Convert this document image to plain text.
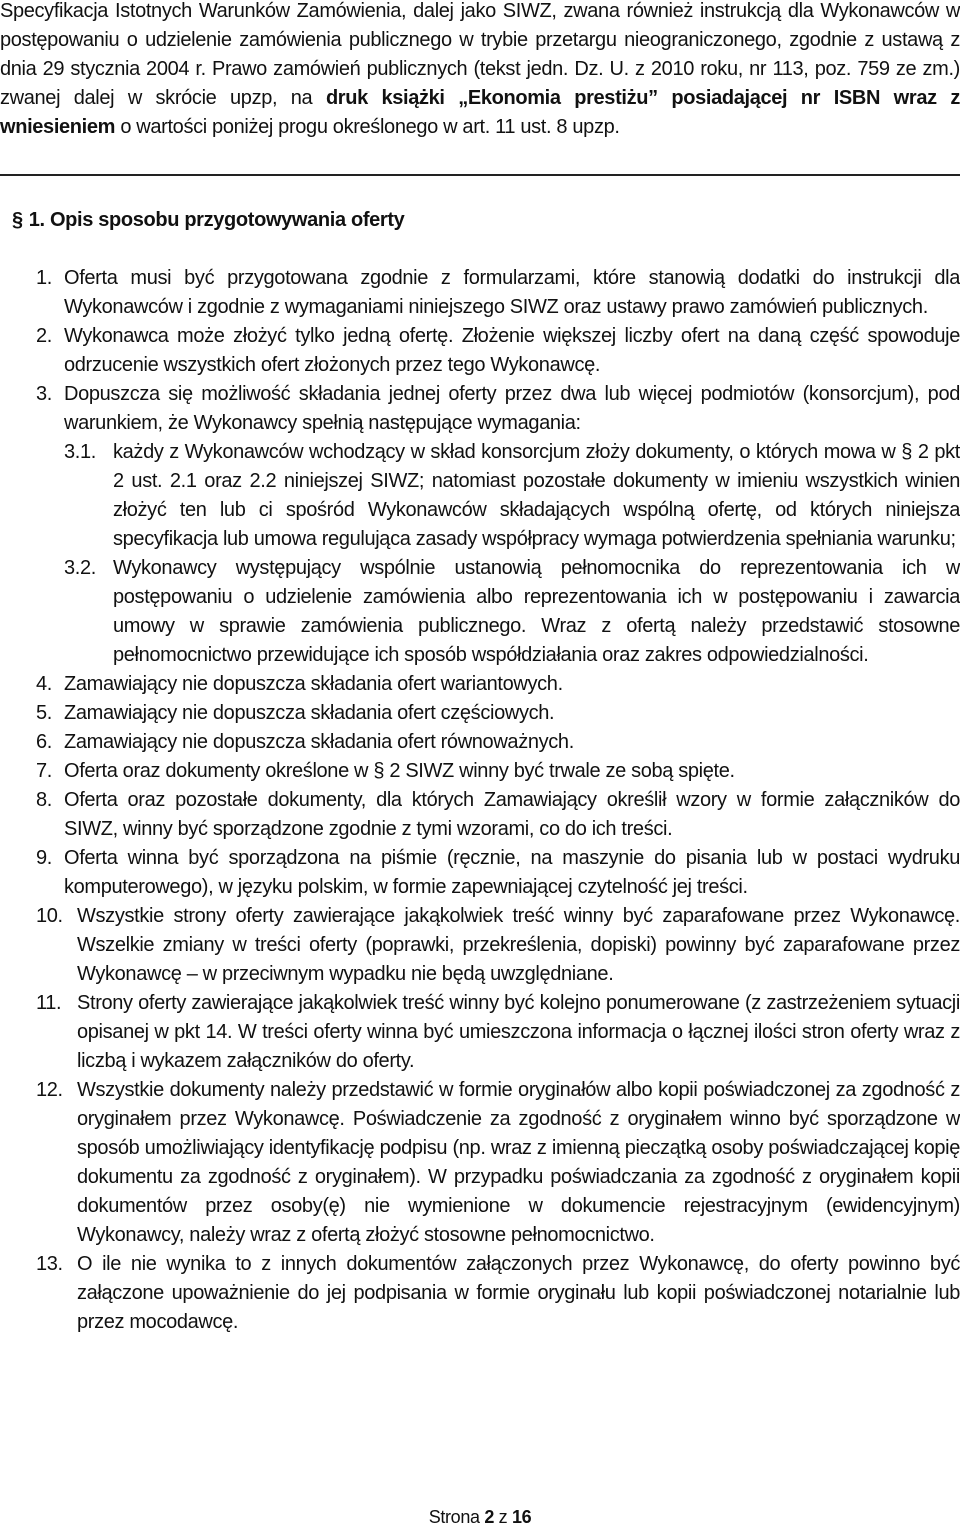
Specyfikacja Istotnych Warunków Zamówienia, dalej jako SIWZ, zwana również instrukcją dla Wykonawców w postępowaniu o udzielenie zamówienia publicznego w trybie przetargu nieograniczonego, zgodnie z ustawą z dnia 29 stycznia 2004 r. Prawo zamówień publicznych (tekst jedn. Dz. U. z 2010 roku, nr 113, poz. 759 ze zm.) zwanej dalej w skrócie upzp, na druk książki „Ekonomia prestiżu” posiadającej nr ISBN wraz z wniesieniem o wartości poniżej progu określonego w art. 11 ust. 8 upzp.

§ 1. Opis sposobu przygotowywania oferty

1. Oferta musi być przygotowana zgodnie z formularzami, które stanowią dodatki do instrukcji dla Wykonawców i zgodnie z wymaganiami niniejszego SIWZ oraz ustawy prawo zamówień publicznych.

2. Wykonawca może złożyć tylko jedną ofertę. Złożenie większej liczby ofert na daną część spowoduje odrzucenie wszystkich ofert złożonych przez tego Wykonawcę.

3. Dopuszcza się możliwość składania jednej oferty przez dwa lub więcej podmiotów (konsorcjum), pod warunkiem, że Wykonawcy spełnią następujące wymagania:

3.1. każdy z Wykonawców wchodzący w skład konsorcjum złoży dokumenty, o których mowa w § 2 pkt 2 ust. 2.1 oraz 2.2 niniejszej SIWZ; natomiast pozostałe dokumenty w imieniu wszystkich winien złożyć ten lub ci spośród Wykonawców składających wspólną ofertę, od których niniejsza specyfikacja lub umowa regulująca zasady współpracy wymaga potwierdzenia spełniania warunku;

3.2. Wykonawcy występujący wspólnie ustanowią pełnomocnika do reprezentowania ich w postępowaniu o udzielenie zamówienia albo reprezentowania ich w postępowaniu i zawarcia umowy w sprawie zamówienia publicznego. Wraz z ofertą należy przedstawić stosowne pełnomocnictwo przewidujące ich sposób współdziałania oraz zakres odpowiedzialności.

4. Zamawiający nie dopuszcza składania ofert wariantowych.

5. Zamawiający nie dopuszcza składania ofert częściowych.

6. Zamawiający nie dopuszcza składania ofert równoważnych.

7. Oferta oraz dokumenty określone w § 2 SIWZ winny być trwale ze sobą spięte.

8. Oferta oraz pozostałe dokumenty, dla których Zamawiający określił wzory w formie załączników do SIWZ, winny być sporządzone zgodnie z tymi wzorami, co do ich treści.

9. Oferta winna być sporządzona na piśmie (ręcznie, na maszynie do pisania lub w postaci wydruku komputerowego), w języku polskim, w formie zapewniającej czytelność jej treści.

10. Wszystkie strony oferty zawierające jakąkolwiek treść winny być zaparafowane przez Wykonawcę. Wszelkie zmiany w treści oferty (poprawki, przekreślenia, dopiski) powinny być zaparafowane przez Wykonawcę – w przeciwnym wypadku nie będą uwzględniane.

11. Strony oferty zawierające jakąkolwiek treść winny być kolejno ponumerowane (z zastrzeżeniem sytuacji opisanej w pkt 14. W treści oferty winna być umieszczona informacja o łącznej ilości stron oferty wraz z liczbą i wykazem załączników do oferty.

12. Wszystkie dokumenty należy przedstawić w formie oryginałów albo kopii poświadczonej za zgodność z oryginałem przez Wykonawcę. Poświadczenie za zgodność z oryginałem winno być sporządzone w sposób umożliwiający identyfikację podpisu (np. wraz z imienną pieczątką osoby poświadczającej kopię dokumentu za zgodność z oryginałem). W przypadku poświadczania za zgodność z oryginałem kopii dokumentów przez osoby(ę) nie wymienione w dokumencie rejestracyjnym (ewidencyjnym) Wykonawcy, należy wraz z ofertą złożyć stosowne pełnomocnictwo.

13. O ile nie wynika to z innych dokumentów załączonych przez Wykonawcę, do oferty powinno być załączone upoważnienie do jej podpisania w formie oryginału lub kopii poświadczonej notarialnie lub przez mocodawcę.

Strona 2 z 16
